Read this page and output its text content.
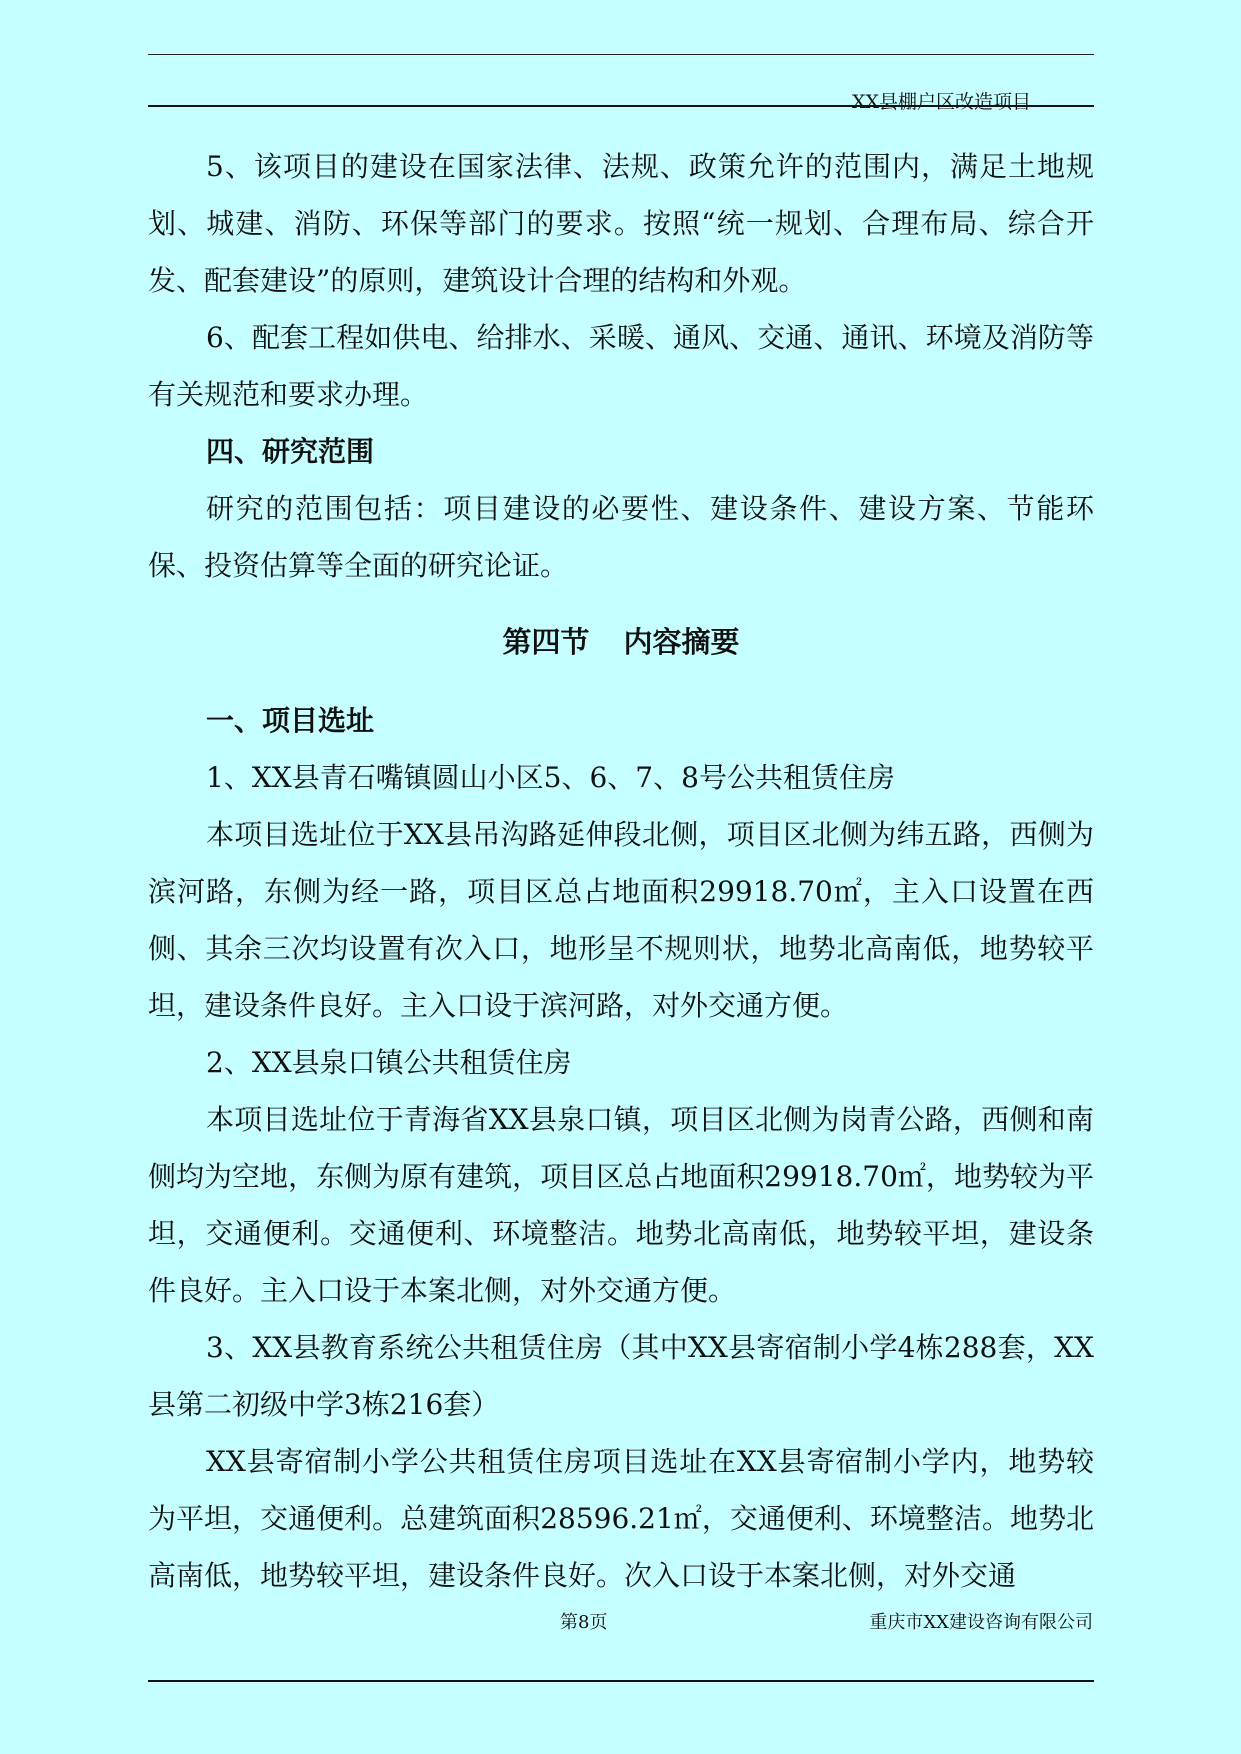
XX县棚户区改造项目

5、该项目的建设在国家法律、法规、政策允许的范围内，满足土地规划、城建、消防、环保等部门的要求。按照“统一规划、合理布局、综合开发、配套建设”的原则，建筑设计合理的结构和外观。

6、配套工程如供电、给排水、采暖、通风、交通、通讯、环境及消防等有关规范和要求办理。

四、研究范围

研究的范围包括：项目建设的必要性、建设条件、建设方案、节能环保、投资估算等全面的研究论证。

第四节 内容摘要

一、项目选址

1、XX县青石嘴镇圆山小区5、6、7、8号公共租赁住房

本项目选址位于XX县吊沟路延伸段北侧，项目区北侧为纬五路，西侧为滨河路，东侧为经一路，项目区总占地面积29918.70㎡，主入口设置在西侧、其余三次均设置有次入口，地形呈不规则状，地势北高南低，地势较平坦，建设条件良好。主入口设于滨河路，对外交通方便。

2、XX县泉口镇公共租赁住房

本项目选址位于青海省XX县泉口镇，项目区北侧为岗青公路，西侧和南侧均为空地，东侧为原有建筑，项目区总占地面积29918.70㎡，地势较为平坦，交通便利。交通便利、环境整洁。地势北高南低，地势较平坦，建设条件良好。主入口设于本案北侧，对外交通方便。

3、XX县教育系统公共租赁住房（其中XX县寄宿制小学4栋288套，XX县第二初级中学3栋216套）

XX县寄宿制小学公共租赁住房项目选址在XX县寄宿制小学内，地势较为平坦，交通便利。总建筑面积28596.21㎡，交通便利、环境整洁。地势北高南低，地势较平坦，建设条件良好。次入口设于本案北侧，对外交通

第8页	重庆市XX建设咨询有限公司
